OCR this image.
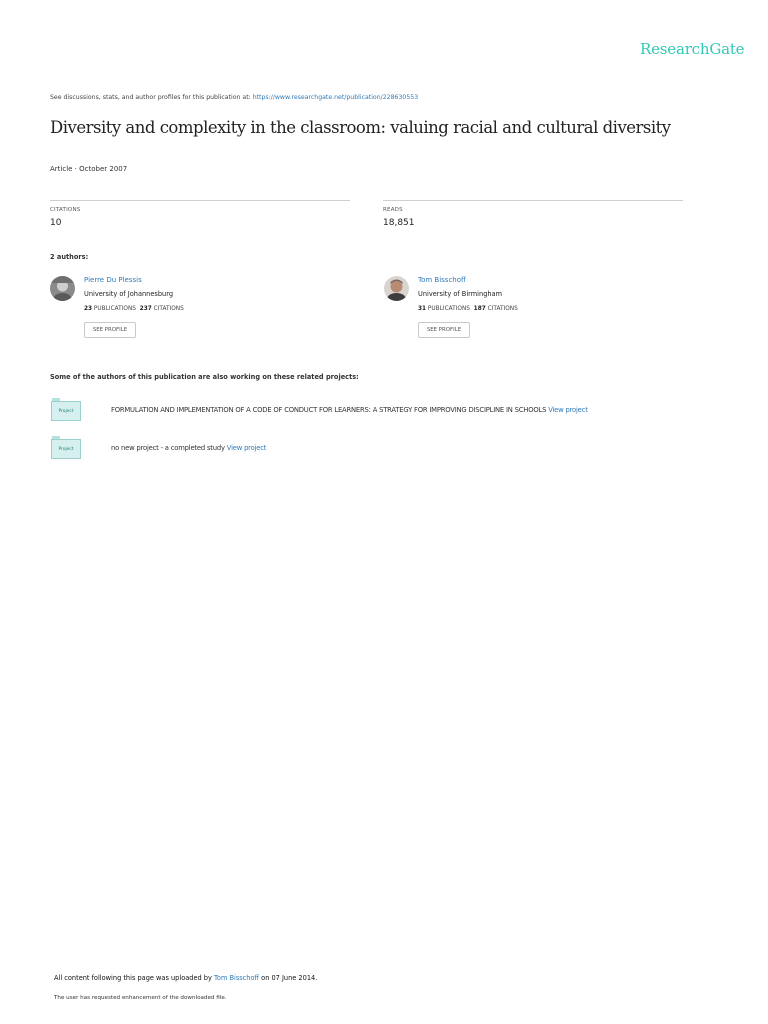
ResearchGate
See discussions, stats, and author profiles for this publication at: https://www.researchgate.net/publication/228630553
Diversity and complexity in the classroom: valuing racial and cultural diversity
Article · October 2007
CITATIONS
10
READS
18,851
2 authors:
Pierre Du Plessis
University of Johannesburg
23 PUBLICATIONS 237 CITATIONS
SEE PROFILE
Tom Bisschoff
University of Birmingham
31 PUBLICATIONS 187 CITATIONS
SEE PROFILE
Some of the authors of this publication are also working on these related projects:
Project	FORMULATION AND IMPLEMENTATION OF A CODE OF CONDUCT FOR LEARNERS: A STRATEGY FOR IMPROVING DISCIPLINE IN SCHOOLS View project
Project	no new project - a completed study View project
All content following this page was uploaded by Tom Bisschoff on 07 June 2014.
The user has requested enhancement of the downloaded file.
